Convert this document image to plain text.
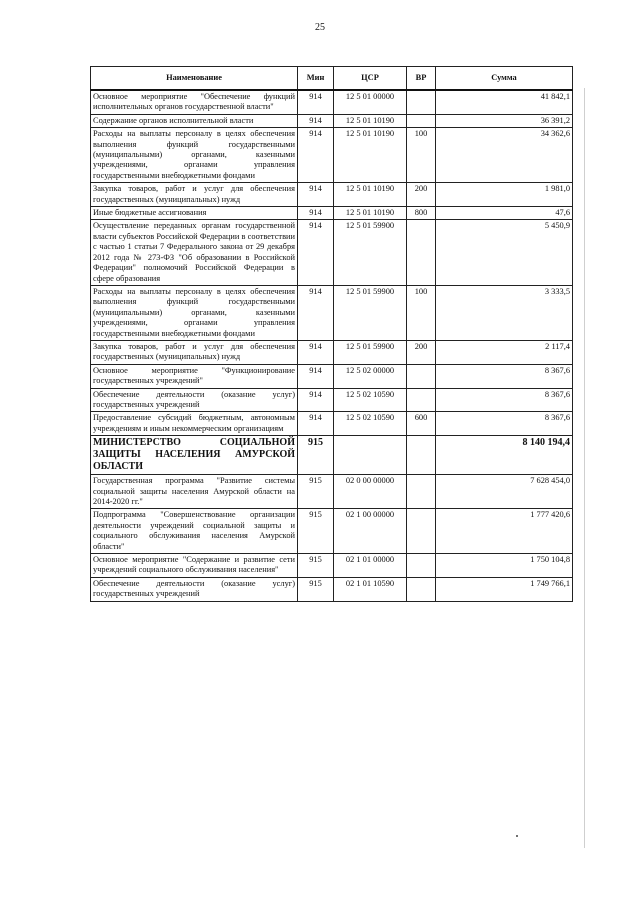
25
Наименование	Мин	ЦСР	ВР	Сумма
Основное мероприятие "Обеспечение функций исполнительных органов государственной власти"	914	12 5 01 00000		41 842,1
Содержание органов исполнительной власти	914	12 5 01 10190		36 391,2
Расходы на выплаты персоналу в целях обеспечения выполнения функций государственными (муниципальными) органами, казенными учреждениями, органами управления государственными внебюджетными фондами	914	12 5 01 10190	100	34 362,6
Закупка товаров, работ и услуг для обеспечения государственных (муниципальных) нужд	914	12 5 01 10190	200	1 981,0
Иные бюджетные ассигнования	914	12 5 01 10190	800	47,6
Осуществление переданных органам государственной власти субъектов Российской Федерации в соответствии с частью 1 статьи 7 Федерального закона от 29 декабря 2012 года № 273-ФЗ "Об образовании в Российской Федерации" полномочий Российской Федерации в сфере образования	914	12 5 01 59900		5 450,9
Расходы на выплаты персоналу в целях обеспечения выполнения функций государственными (муниципальными) органами, казенными учреждениями, органами управления государственными внебюджетными фондами	914	12 5 01 59900	100	3 333,5
Закупка товаров, работ и услуг для обеспечения государственных (муниципальных) нужд	914	12 5 01 59900	200	2 117,4
Основное мероприятие "Функционирование государственных учреждений"	914	12 5 02 00000		8 367,6
Обеспечение деятельности (оказание услуг) государственных учреждений	914	12 5 02 10590		8 367,6
Предоставление субсидий бюджетным, автономным учреждениям и иным некоммерческим организациям	914	12 5 02 10590	600	8 367,6
МИНИСТЕРСТВО СОЦИАЛЬНОЙ ЗАЩИТЫ НАСЕЛЕНИЯ АМУРСКОЙ ОБЛАСТИ	915			8 140 194,4
Государственная программа "Развитие системы социальной защиты населения Амурской области на 2014-2020 гг."	915	02 0 00 00000		7 628 454,0
Подпрограмма "Совершенствование организации деятельности учреждений социальной защиты и социального обслуживания населения Амурской области"	915	02 1 00 00000		1 777 420,6
Основное мероприятие "Содержание и развитие сети учреждений социального обслуживания населения"	915	02 1 01 00000		1 750 104,8
Обеспечение деятельности (оказание услуг) государственных учреждений	915	02 1 01 10590		1 749 766,1
